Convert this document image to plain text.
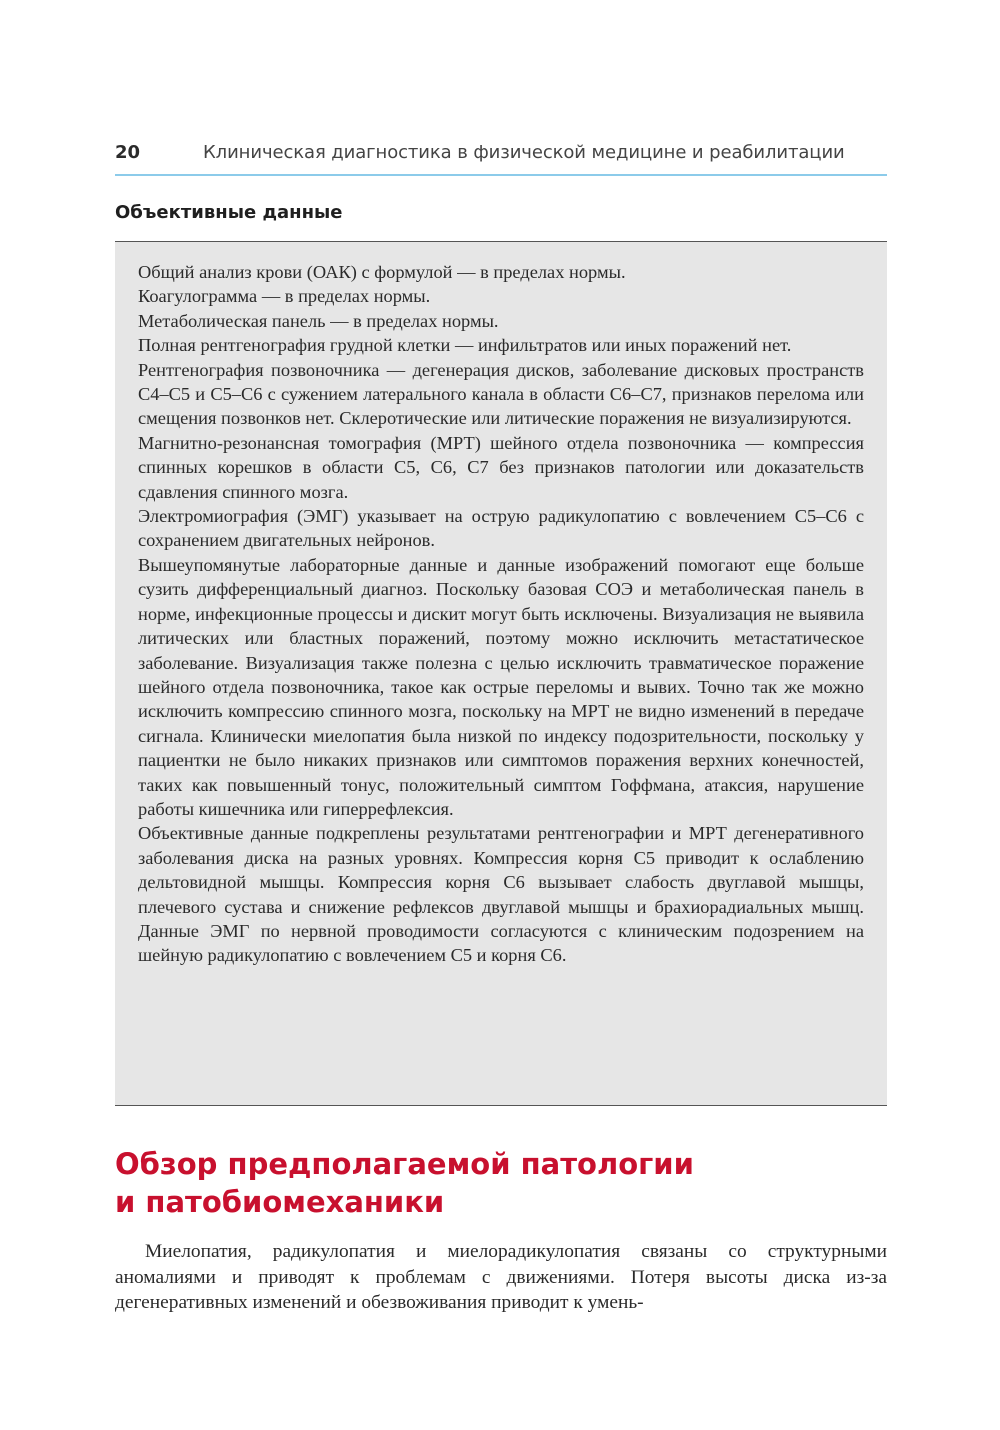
20	Клиническая диагностика в физической медицине и реабилитации
Объективные данные

Общий анализ крови (ОАК) с формулой — в пределах нормы.

Коагулограмма — в пределах нормы.

Метаболическая панель — в пределах нормы.

Полная рентгенография грудной клетки — инфильтратов или иных поражений нет.

Рентгенография позвоночника — дегенерация дисков, заболевание дисковых пространств C4–C5 и C5–C6 с сужением латерального канала в области C6–C7, признаков перелома или смещения позвонков нет. Склеротические или литические поражения не визуализируются.

Магнитно-резонансная томография (МРТ) шейного отдела позвоночника — компрессия спинных корешков в области C5, C6, C7 без признаков патологии или доказательств сдавления спинного мозга.

Электромиография (ЭМГ) указывает на острую радикулопатию с вовлечением C5–C6 с сохранением двигательных нейронов.

Вышеупомянутые лабораторные данные и данные изображений помогают еще больше сузить дифференциальный диагноз. Поскольку базовая СОЭ и метаболическая панель в норме, инфекционные процессы и дискит могут быть исключены. Визуализация не выявила литических или бластных поражений, поэтому можно исключить метастатическое заболевание. Визуализация также полезна с целью исключить травматическое поражение шейного отдела позвоночника, такое как острые переломы и вывих. Точно так же можно исключить компрессию спинного мозга, поскольку на МРТ не видно изменений в передаче сигнала. Клинически миелопатия была низкой по индексу подозрительности, поскольку у пациентки не было никаких признаков или симптомов поражения верхних конечностей, таких как повышенный тонус, положительный симптом Гоффмана, атаксия, нарушение работы кишечника или гиперрефлексия.

Объективные данные подкреплены результатами рентгенографии и МРТ дегенеративного заболевания диска на разных уровнях. Компрессия корня C5 приводит к ослаблению дельтовидной мышцы. Компрессия корня C6 вызывает слабость двуглавой мышцы, плечевого сустава и снижение рефлексов двуглавой мышцы и брахиорадиальных мышц. Данные ЭМГ по нервной проводимости согласуются с клиническим подозрением на шейную радикулопатию с вовлечением C5 и корня C6.

Обзор предполагаемой патологии
и патобиомеханики

Миелопатия, радикулопатия и миелорадикулопатия связаны со структурными аномалиями и приводят к проблемам с движениями. Потеря высоты диска из-за дегенеративных изменений и обезвоживания приводит к умень-
